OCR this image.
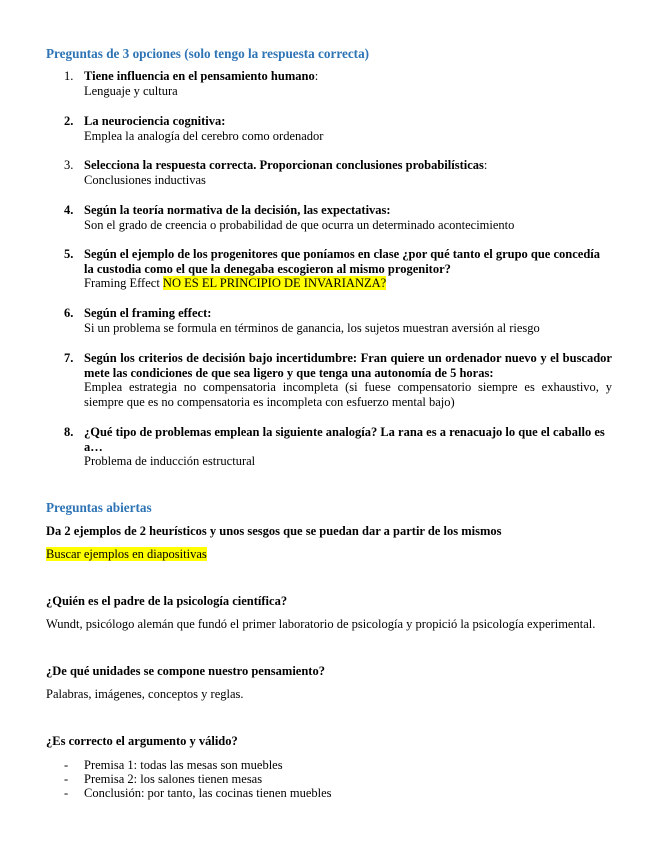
Preguntas de 3 opciones (solo tengo la respuesta correcta)
1. Tiene influencia en el pensamiento humano:
Lenguaje y cultura
2. La neurociencia cognitiva:
Emplea la analogía del cerebro como ordenador
3. Selecciona la respuesta correcta. Proporcionan conclusiones probabilísticas:
Conclusiones inductivas
4. Según la teoría normativa de la decisión, las expectativas:
Son el grado de creencia o probabilidad de que ocurra un determinado acontecimiento
5. Según el ejemplo de los progenitores que poníamos en clase ¿por qué tanto el grupo que concedía la custodia como el que la denegaba escogieron al mismo progenitor?
Framing Effect NO ES EL PRINCIPIO DE INVARIANZA?
6. Según el framing effect:
Si un problema se formula en términos de ganancia, los sujetos muestran aversión al riesgo
7. Según los criterios de decisión bajo incertidumbre: Fran quiere un ordenador nuevo y el buscador mete las condiciones de que sea ligero y que tenga una autonomía de 5 horas:
Emplea estrategia no compensatoria incompleta (si fuese compensatorio siempre es exhaustivo, y siempre que es no compensatoria es incompleta con esfuerzo mental bajo)
8. ¿Qué tipo de problemas emplean la siguiente analogía? La rana es a renacuajo lo que el caballo es a…
Problema de inducción estructural
Preguntas abiertas
Da 2 ejemplos de 2 heurísticos y unos sesgos que se puedan dar a partir de los mismos
Buscar ejemplos en diapositivas
¿Quién es el padre de la psicología científica?
Wundt, psicólogo alemán que fundó el primer laboratorio de psicología y propició la psicología experimental.
¿De qué unidades se compone nuestro pensamiento?
Palabras, imágenes, conceptos y reglas.
¿Es correcto el argumento y válido?
- Premisa 1: todas las mesas son muebles
- Premisa 2: los salones tienen mesas
- Conclusión: por tanto, las cocinas tienen muebles
